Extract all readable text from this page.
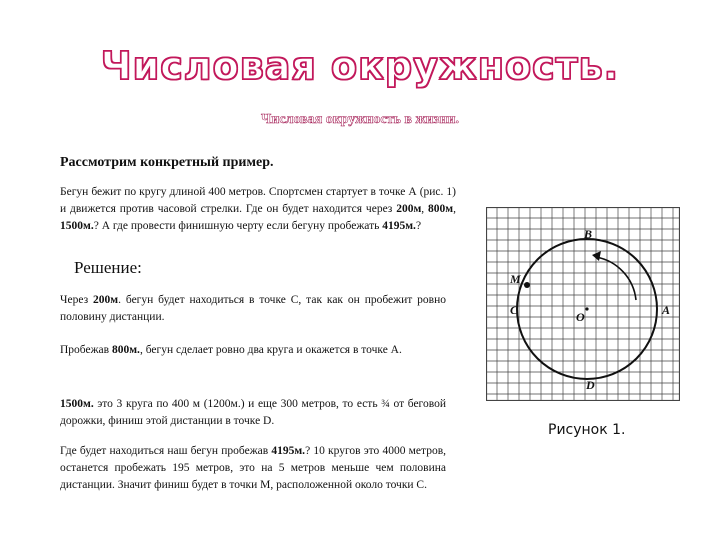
Числовая окружность.
Числовая окружность в жизни.
Рассмотрим конкретный пример.
Бегун бежит по кругу длиной 400 метров. Спортсмен стартует в точке А (рис. 1) и движется против часовой стрелки. Где он будет находится через 200м, 800м, 1500м.? А где провести финишную черту если бегуну пробежать 4195м.?
Решение:
Через 200м. бегун будет находиться в точке С, так как он пробежит ровно половину дистанции.
Пробежав 800м., бегун сделает ровно два круга и окажется в точке А.
1500м. это 3 круга по 400 м (1200м.) и еще 300 метров, то есть ¾ от беговой дорожки, финиш этой дистанции в точке D.
Где будет находиться наш бегун пробежав 4195м.? 10 кругов это 4000 метров, останется пробежать 195 метров, это на 5 метров меньше чем половина дистанции. Значит финиш будет в точки М, расположенной около точки С.
B
M
C	O	A
D
Рисунок 1.
